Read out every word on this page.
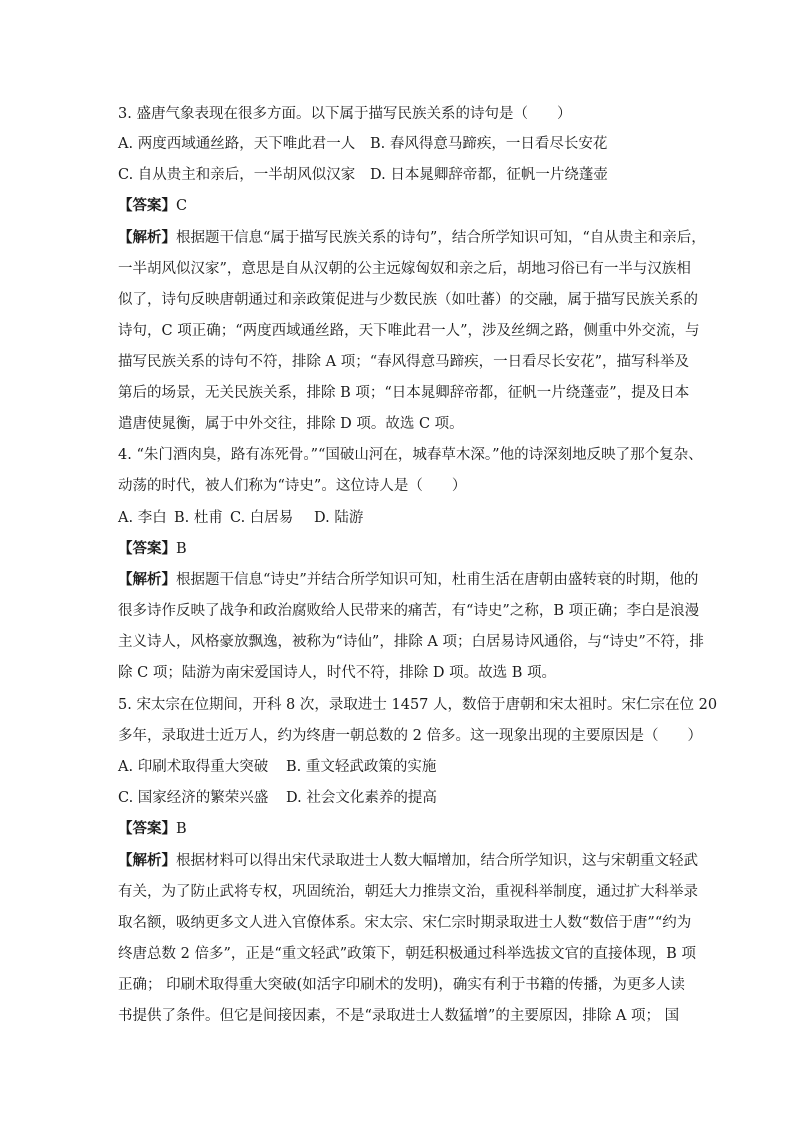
3. 盛唐气象表现在很多方面。以下属于描写民族关系的诗句是（　　）
A. 两度西域通丝路，天下唯此君一人 B. 春风得意马蹄疾，一日看尽长安花
C. 自从贵主和亲后，一半胡风似汉家 D. 日本晁卿辞帝都，征帆一片绕蓬壶
【答案】C
【解析】根据题干信息“属于描写民族关系的诗句”，结合所学知识可知，“自从贵主和亲后，
一半胡风似汉家”，意思是自从汉朝的公主远嫁匈奴和亲之后，胡地习俗已有一半与汉族相
似了，诗句反映唐朝通过和亲政策促进与少数民族（如吐蕃）的交融，属于描写民族关系的
诗句，C 项正确；“两度西域通丝路，天下唯此君一人”，涉及丝绸之路，侧重中外交流，与
描写民族关系的诗句不符，排除 A 项；“春风得意马蹄疾，一日看尽长安花”，描写科举及
第后的场景，无关民族关系，排除 B 项；“日本晁卿辞帝都，征帆一片绕蓬壶”，提及日本
遣唐使晁衡，属于中外交往，排除 D 项。故选 C 项。
4. “朱门酒肉臭，路有冻死骨。”“国破山河在，城春草木深。”他的诗深刻地反映了那个复杂、
动荡的时代，被人们称为“诗史”。这位诗人是（　　）
A. 李白 B. 杜甫 C. 白居易 D. 陆游
【答案】B
【解析】根据题干信息“诗史”并结合所学知识可知，杜甫生活在唐朝由盛转衰的时期，他的
很多诗作反映了战争和政治腐败给人民带来的痛苦，有“诗史”之称，B 项正确；李白是浪漫
主义诗人，风格豪放飘逸，被称为“诗仙”，排除 A 项；白居易诗风通俗，与“诗史”不符，排
除 C 项；陆游为南宋爱国诗人，时代不符，排除 D 项。故选 B 项。
5. 宋太宗在位期间，开科 8 次，录取进士 1457 人，数倍于唐朝和宋太祖时。宋仁宗在位 20
多年，录取进士近万人，约为终唐一朝总数的 2 倍多。这一现象出现的主要原因是（　　）
A. 印刷术取得重大突破 B. 重文轻武政策的实施
C. 国家经济的繁荣兴盛 D. 社会文化素养的提高
【答案】B
【解析】根据材料可以得出宋代录取进士人数大幅增加，结合所学知识，这与宋朝重文轻武
有关，为了防止武将专权，巩固统治，朝廷大力推崇文治，重视科举制度，通过扩大科举录
取名额，吸纳更多文人进入官僚体系。宋太宗、宋仁宗时期录取进士人数“数倍于唐”“约为
终唐总数 2 倍多”，正是“重文轻武”政策下，朝廷积极通过科举选拔文官的直接体现，B 项
正确； 印刷术取得重大突破(如活字印刷术的发明)，确实有利于书籍的传播，为更多人读
书提供了条件。但它是间接因素，不是“录取进士人数猛增”的主要原因，排除 A 项； 国
